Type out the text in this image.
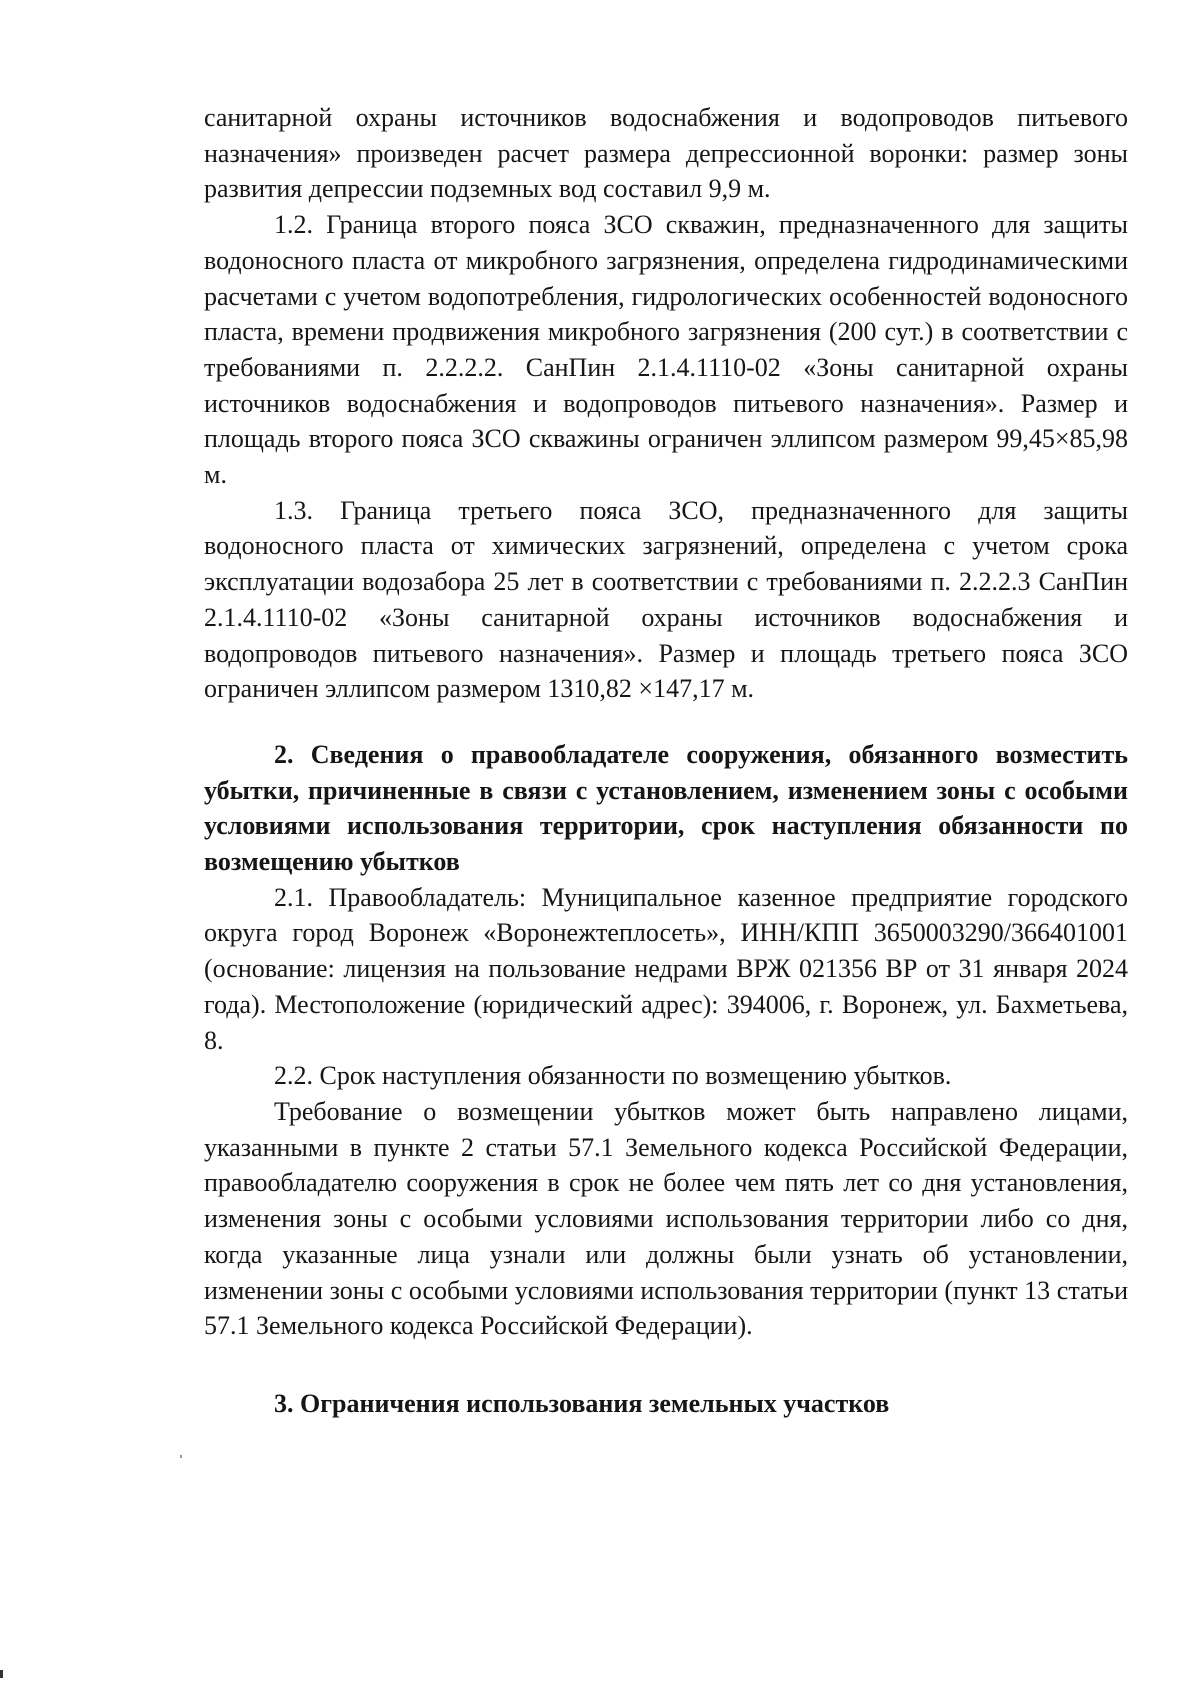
санитарной охраны источников водоснабжения и водопроводов питьевого назначения» произведен расчет размера депрессионной воронки: размер зоны развития депрессии подземных вод составил 9,9 м.

1.2. Граница второго пояса ЗСО скважин, предназначенного для защиты водоносного пласта от микробного загрязнения, определена гидродинамическими расчетами с учетом водопотребления, гидрологических особенностей водоносного пласта, времени продвижения микробного загрязнения (200 сут.) в соответствии с требованиями п. 2.2.2.2. СанПин 2.1.4.1110-02 «Зоны санитарной охраны источников водоснабжения и водопроводов питьевого назначения». Размер и площадь второго пояса ЗСО скважины ограничен эллипсом размером 99,45×85,98 м.

1.3. Граница третьего пояса ЗСО, предназначенного для защиты водоносного пласта от химических загрязнений, определена с учетом срока эксплуатации водозабора 25 лет в соответствии с требованиями п. 2.2.2.3 СанПин 2.1.4.1110-02 «Зоны санитарной охраны источников водоснабжения и водопроводов питьевого назначения». Размер и площадь третьего пояса ЗСО ограничен эллипсом размером 1310,82 ×147,17 м.

2. Сведения о правообладателе сооружения, обязанного возместить убытки, причиненные в связи с установлением, изменением зоны с особыми условиями использования территории, срок наступления обязанности по возмещению убытков

2.1. Правообладатель: Муниципальное казенное предприятие городского округа город Воронеж «Воронежтеплосеть», ИНН/КПП 3650003290/366401001 (основание: лицензия на пользование недрами ВРЖ 021356 ВР от 31 января 2024 года). Местоположение (юридический адрес): 394006, г. Воронеж, ул. Бахметьева, 8.

2.2. Срок наступления обязанности по возмещению убытков.

Требование о возмещении убытков может быть направлено лицами, указанными в пункте 2 статьи 57.1 Земельного кодекса Российской Федерации, правообладателю сооружения в срок не более чем пять лет со дня установления, изменения зоны с особыми условиями использования территории либо со дня, когда указанные лица узнали или должны были узнать об установлении, изменении зоны с особыми условиями использования территории (пункт 13 статьи 57.1 Земельного кодекса Российской Федерации).

3. Ограничения использования земельных участков
